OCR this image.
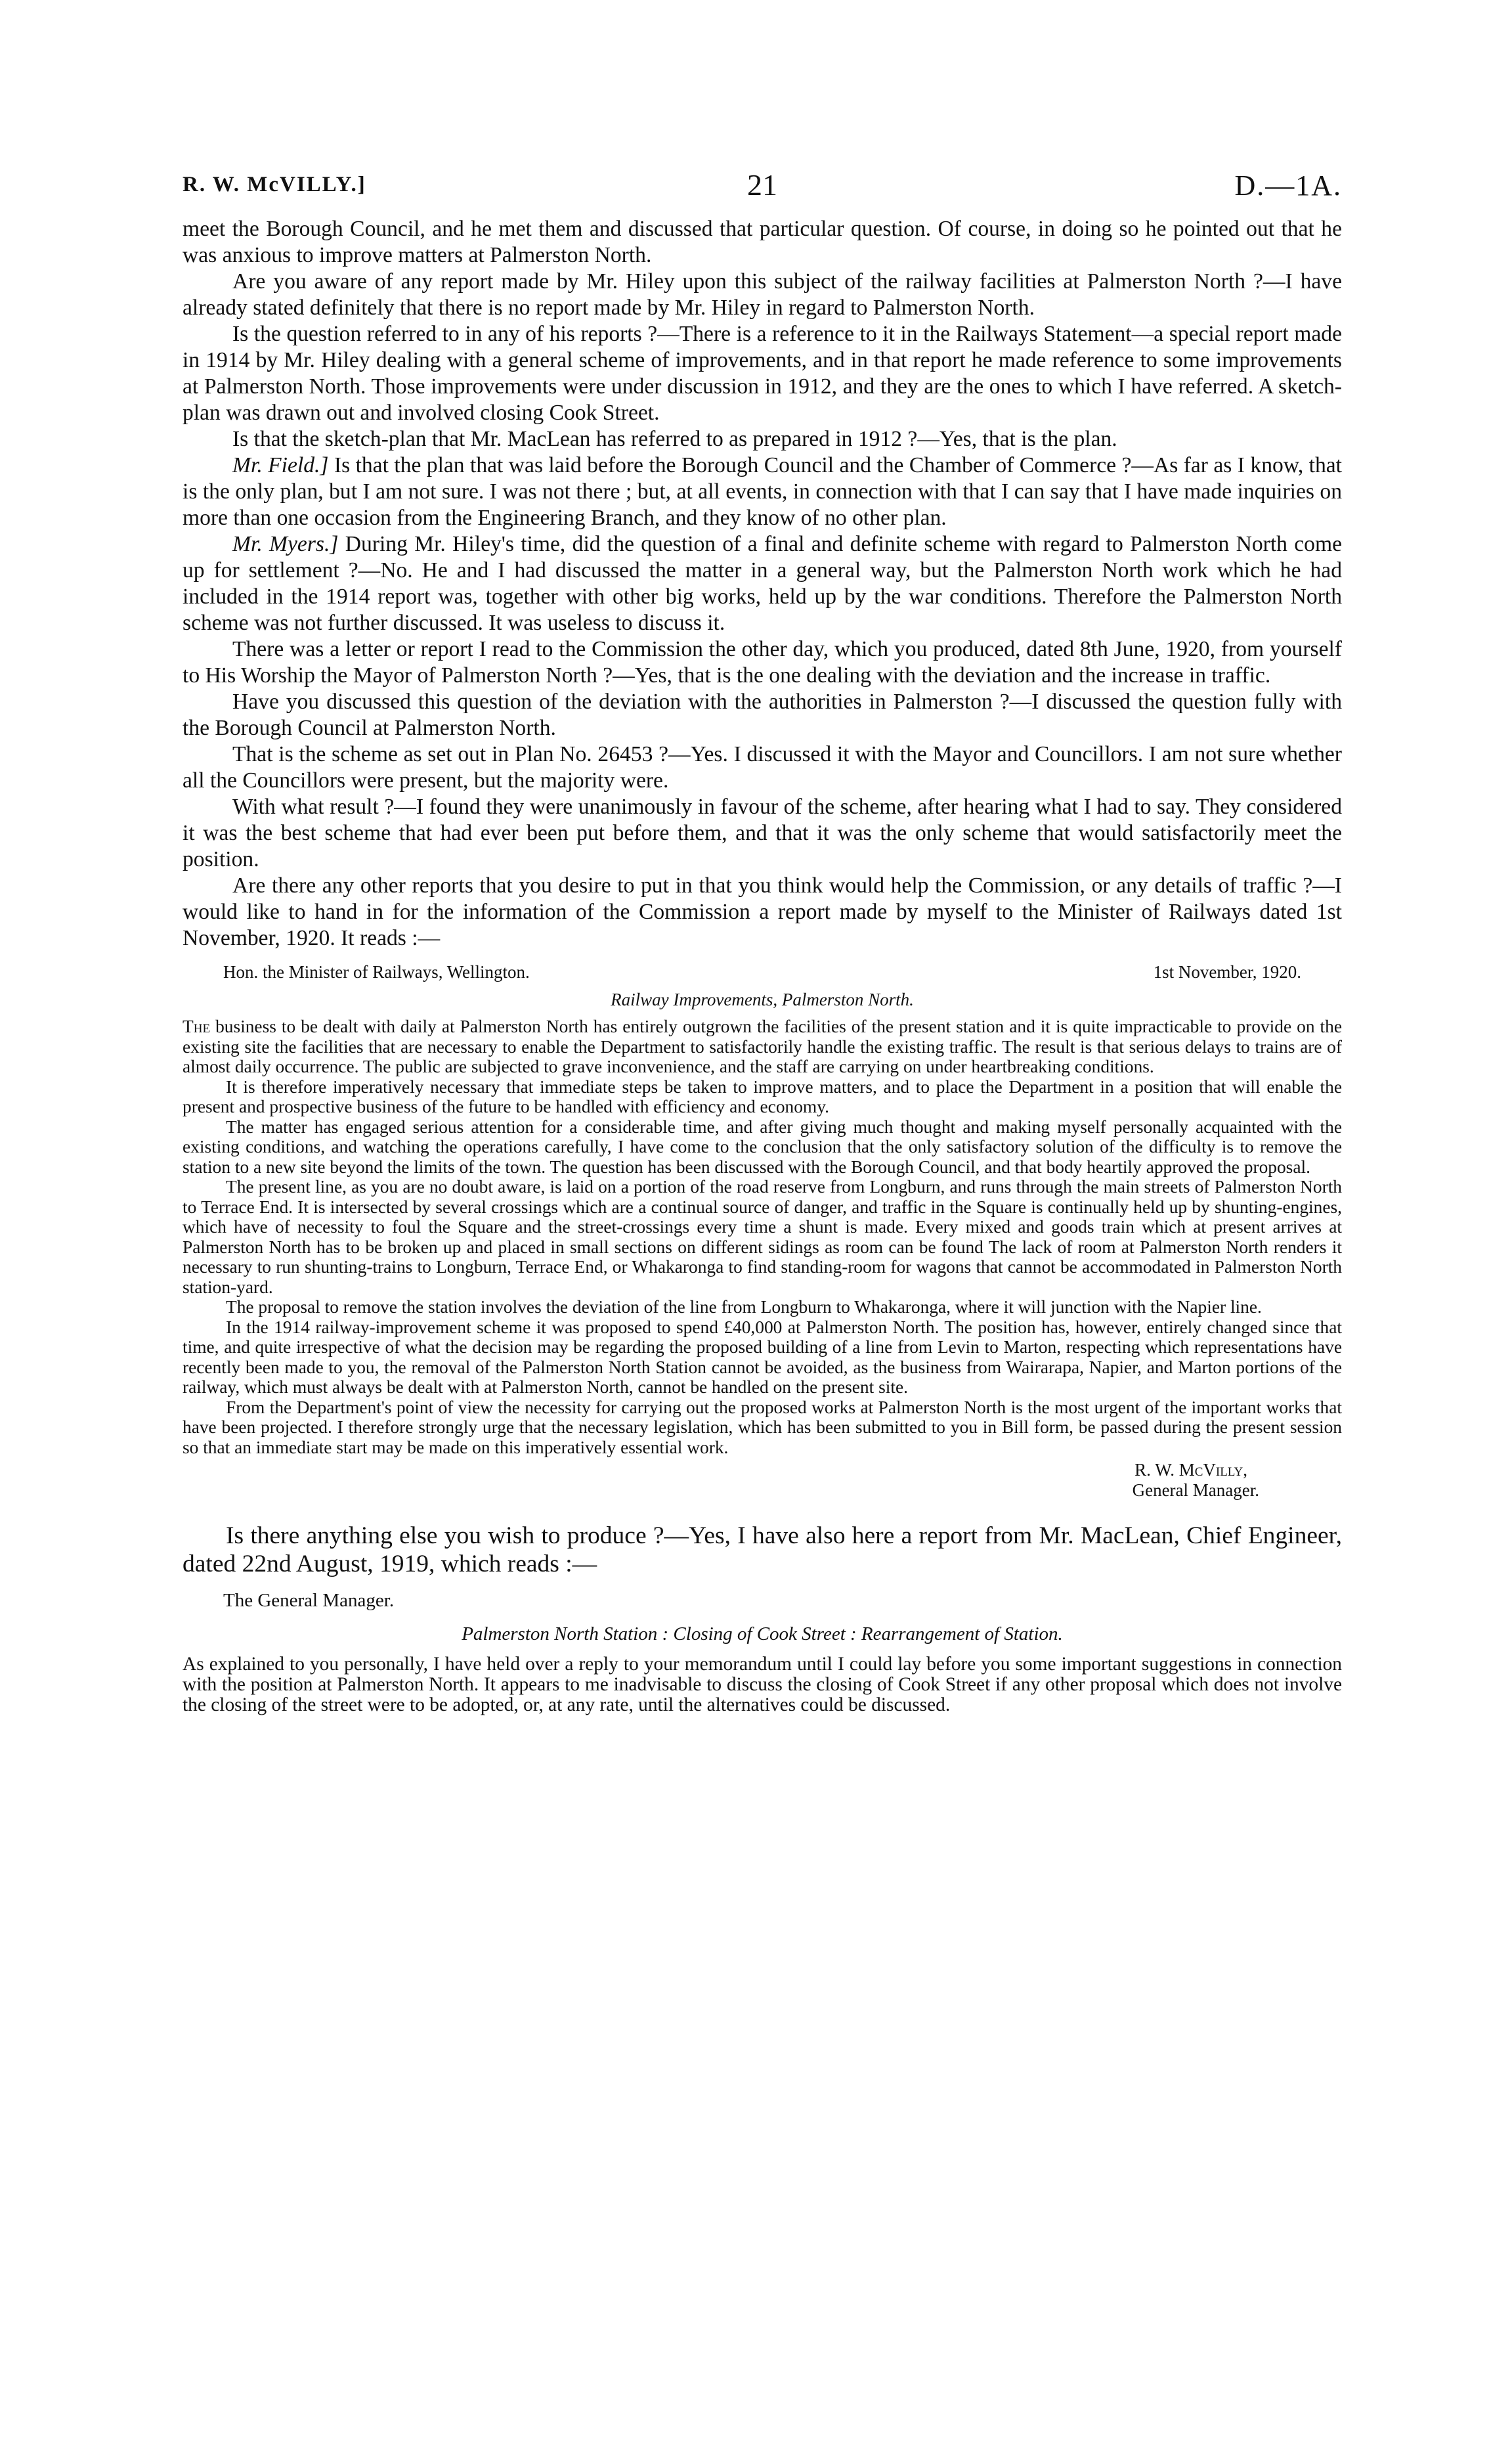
R. W. McVILLY.]	21	D.—1A.

meet the Borough Council, and he met them and discussed that particular question. Of course, in doing so he pointed out that he was anxious to improve matters at Palmerston North.

Are you aware of any report made by Mr. Hiley upon this subject of the railway facilities at Palmerston North ?—I have already stated definitely that there is no report made by Mr. Hiley in regard to Palmerston North.

Is the question referred to in any of his reports ?—There is a reference to it in the Railways Statement—a special report made in 1914 by Mr. Hiley dealing with a general scheme of improvements, and in that report he made reference to some improvements at Palmerston North. Those improvements were under discussion in 1912, and they are the ones to which I have referred. A sketch-plan was drawn out and involved closing Cook Street.

Is that the sketch-plan that Mr. MacLean has referred to as prepared in 1912 ?—Yes, that is the plan.

Mr. Field.] Is that the plan that was laid before the Borough Council and the Chamber of Commerce ?—As far as I know, that is the only plan, but I am not sure. I was not there ; but, at all events, in connection with that I can say that I have made inquiries on more than one occasion from the Engineering Branch, and they know of no other plan.

Mr. Myers.] During Mr. Hiley's time, did the question of a final and definite scheme with regard to Palmerston North come up for settlement ?—No. He and I had discussed the matter in a general way, but the Palmerston North work which he had included in the 1914 report was, together with other big works, held up by the war conditions. Therefore the Palmerston North scheme was not further discussed. It was useless to discuss it.

There was a letter or report I read to the Commission the other day, which you produced, dated 8th June, 1920, from yourself to His Worship the Mayor of Palmerston North ?—Yes, that is the one dealing with the deviation and the increase in traffic.

Have you discussed this question of the deviation with the authorities in Palmerston ?—I discussed the question fully with the Borough Council at Palmerston North.

That is the scheme as set out in Plan No. 26453 ?—Yes. I discussed it with the Mayor and Councillors. I am not sure whether all the Councillors were present, but the majority were.

With what result ?—I found they were unanimously in favour of the scheme, after hearing what I had to say. They considered it was the best scheme that had ever been put before them, and that it was the only scheme that would satisfactorily meet the position.

Are there any other reports that you desire to put in that you think would help the Commission, or any details of traffic ?—I would like to hand in for the information of the Commission a report made by myself to the Minister of Railways dated 1st November, 1920. It reads :—

Hon. the Minister of Railways, Wellington.	1st November, 1920.
Railway Improvements, Palmerston North.

The business to be dealt with daily at Palmerston North has entirely outgrown the facilities of the present station and it is quite impracticable to provide on the existing site the facilities that are necessary to enable the Department to satisfactorily handle the existing traffic. The result is that serious delays to trains are of almost daily occurrence. The public are subjected to grave inconvenience, and the staff are carrying on under heartbreaking conditions.

It is therefore imperatively necessary that immediate steps be taken to improve matters, and to place the Department in a position that will enable the present and prospective business of the future to be handled with efficiency and economy.

The matter has engaged serious attention for a considerable time, and after giving much thought and making myself personally acquainted with the existing conditions, and watching the operations carefully, I have come to the conclusion that the only satisfactory solution of the difficulty is to remove the station to a new site beyond the limits of the town. The question has been discussed with the Borough Council, and that body heartily approved the proposal.

The present line, as you are no doubt aware, is laid on a portion of the road reserve from Longburn, and runs through the main streets of Palmerston North to Terrace End. It is intersected by several crossings which are a continual source of danger, and traffic in the Square is continually held up by shunting-engines, which have of necessity to foul the Square and the street-crossings every time a shunt is made. Every mixed and goods train which at present arrives at Palmerston North has to be broken up and placed in small sections on different sidings as room can be found The lack of room at Palmerston North renders it necessary to run shunting-trains to Longburn, Terrace End, or Whakaronga to find standing-room for wagons that cannot be accommodated in Palmerston North station-yard.

The proposal to remove the station involves the deviation of the line from Longburn to Whakaronga, where it will junction with the Napier line.

In the 1914 railway-improvement scheme it was proposed to spend £40,000 at Palmerston North. The position has, however, entirely changed since that time, and quite irrespective of what the decision may be regarding the proposed building of a line from Levin to Marton, respecting which representations have recently been made to you, the removal of the Palmerston North Station cannot be avoided, as the business from Wairarapa, Napier, and Marton portions of the railway, which must always be dealt with at Palmerston North, cannot be handled on the present site.

From the Department's point of view the necessity for carrying out the proposed works at Palmerston North is the most urgent of the important works that have been projected. I therefore strongly urge that the necessary legislation, which has been submitted to you in Bill form, be passed during the present session so that an immediate start may be made on this imperatively essential work.

R. W. McVilly,
General Manager.

Is there anything else you wish to produce ?—Yes, I have also here a report from Mr. MacLean, Chief Engineer, dated 22nd August, 1919, which reads :—

The General Manager.
Palmerston North Station : Closing of Cook Street : Rearrangement of Station.

As explained to you personally, I have held over a reply to your memorandum until I could lay before you some important suggestions in connection with the position at Palmerston North. It appears to me inadvisable to discuss the closing of Cook Street if any other proposal which does not involve the closing of the street were to be adopted, or, at any rate, until the alternatives could be discussed.
